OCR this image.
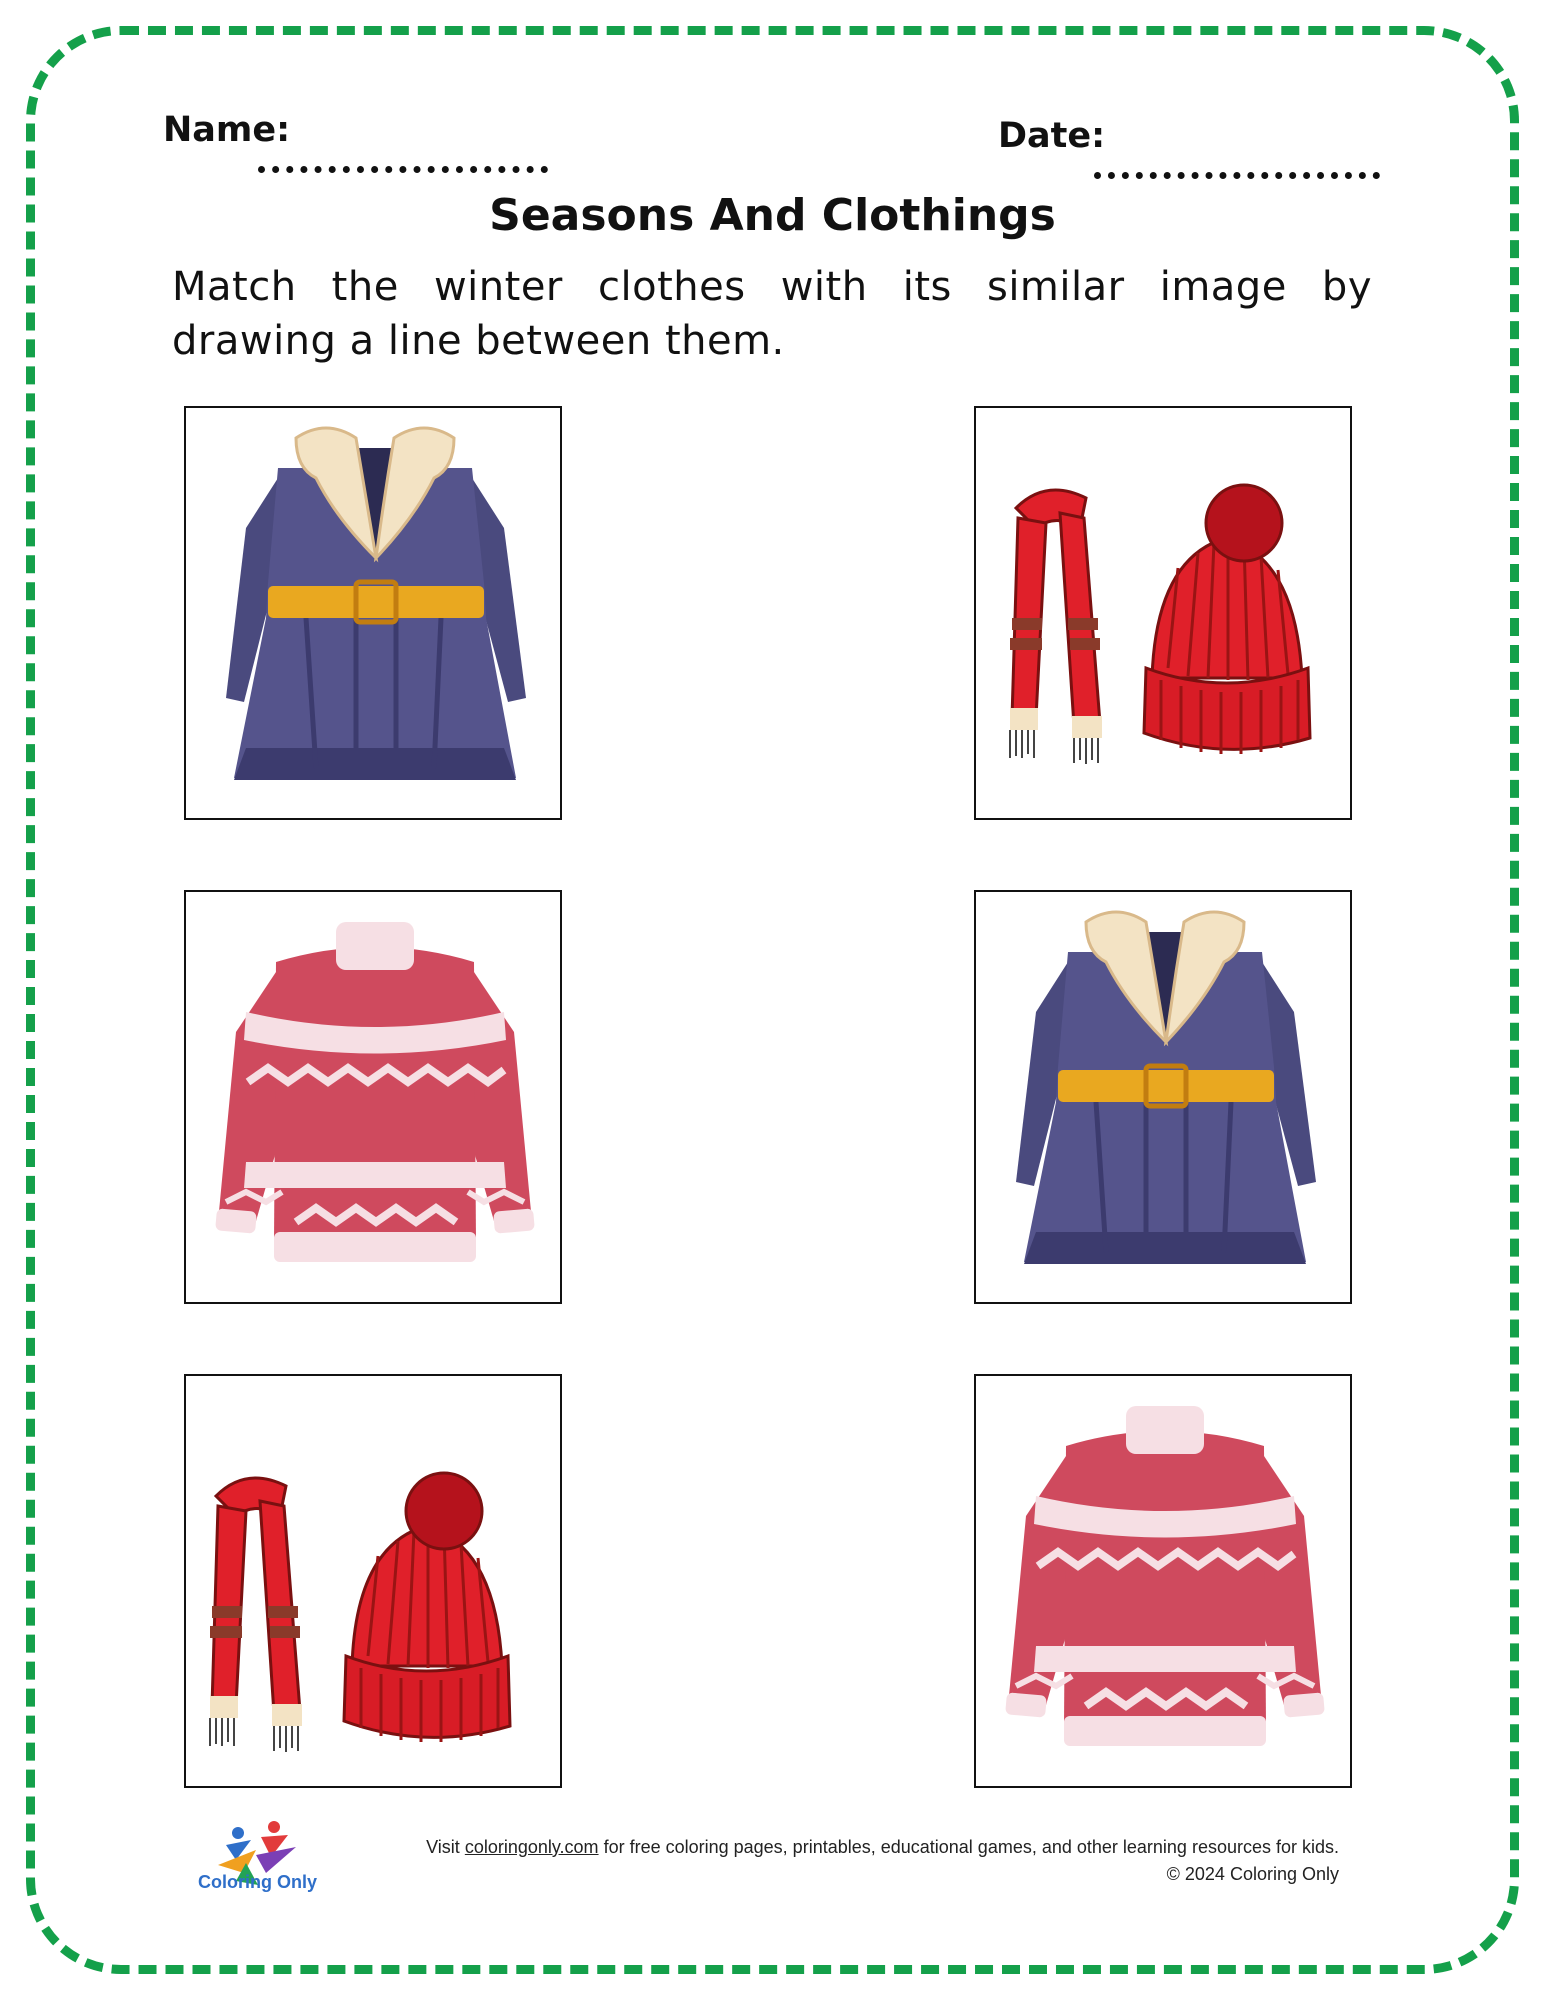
Name:	Date:
Seasons And Clothings
Match the winter clothes with its similar image by drawing a line between them.
Coloring Only
Visit coloringonly.com for free coloring pages, printables, educational games, and other learning resources for kids.
© 2024 Coloring Only
